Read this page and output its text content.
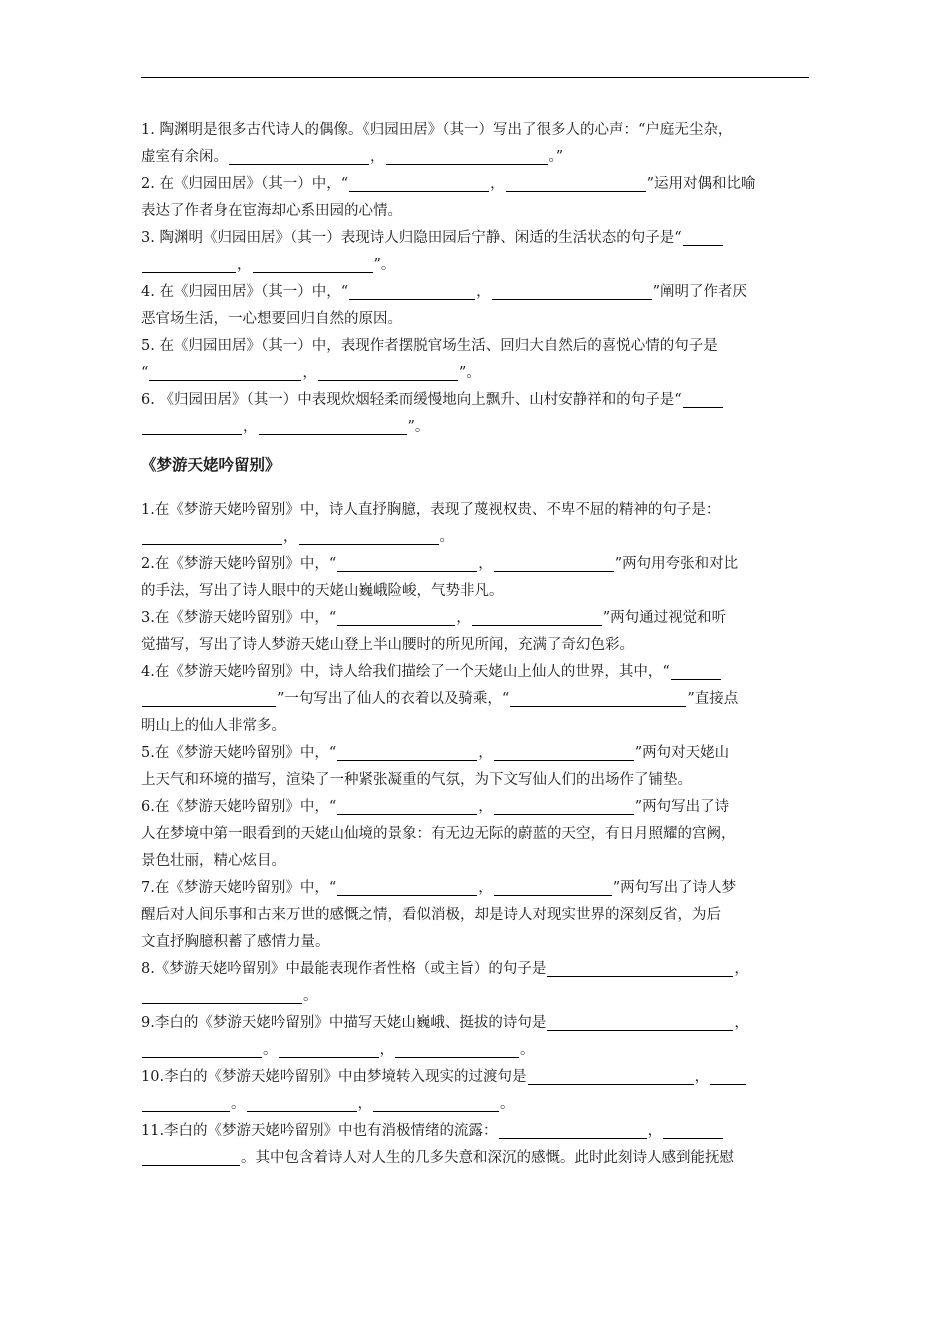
1. 陶渊明是很多古代诗人的偶像。《归园田居》（其一）写出了很多人的心声：“户庭无尘杂，
虚室有余闲。	，	。”
2. 在《归园田居》（其一）中，“	，	”运用对偶和比喻
表达了作者身在宦海却心系田园的心情。
3. 陶渊明《归园田居》（其一）表现诗人归隐田园后宁静、闲适的生活状态的句子是“
，	”。
4. 在《归园田居》（其一）中，“	，	”阐明了作者厌
恶官场生活，一心想要回归自然的原因。
5. 在《归园田居》（其一）中，表现作者摆脱官场生活、回归大自然后的喜悦心情的句子是
“	，	”。
6. 《归园田居》（其一）中表现炊烟轻柔而缓慢地向上飘升、山村安静祥和的句子是“
，	”。
《梦游天姥吟留别》
1.在《梦游天姥吟留别》中，诗人直抒胸臆，表现了蔑视权贵、不卑不屈的精神的句子是：
，	。
2.在《梦游天姥吟留别》中，“	，	”两句用夸张和对比
的手法，写出了诗人眼中的天姥山巍峨险峻，气势非凡。
3.在《梦游天姥吟留别》中，“	，	”两句通过视觉和听
觉描写，写出了诗人梦游天姥山登上半山腰时的所见所闻，充满了奇幻色彩。
4.在《梦游天姥吟留别》中，诗人给我们描绘了一个天姥山上仙人的世界，其中，“
”一句写出了仙人的衣着以及骑乘，“	”直接点
明山上的仙人非常多。
5.在《梦游天姥吟留别》中，“	，	”两句对天姥山
上天气和环境的描写，渲染了一种紧张凝重的气氛，为下文写仙人们的出场作了铺垫。
6.在《梦游天姥吟留别》中，“	，	”两句写出了诗
人在梦境中第一眼看到的天姥山仙境的景象：有无边无际的蔚蓝的天空，有日月照耀的宫阙，
景色壮丽，精心炫目。
7.在《梦游天姥吟留别》中，“	，	”两句写出了诗人梦
醒后对人间乐事和古来万世的感慨之情，看似消极，却是诗人对现实世界的深刻反省，为后
文直抒胸臆积蓄了感情力量。
8.《梦游天姥吟留别》中最能表现作者性格（或主旨）的句子是	，
。
9.李白的《梦游天姥吟留别》中描写天姥山巍峨、挺拔的诗句是	，
。	，	。
10.李白的《梦游天姥吟留别》中由梦境转入现实的过渡句是	，
。	，	。
11.李白的《梦游天姥吟留别》中也有消极情绪的流露：	，
。其中包含着诗人对人生的几多失意和深沉的感慨。此时此刻诗人感到能抚慰
